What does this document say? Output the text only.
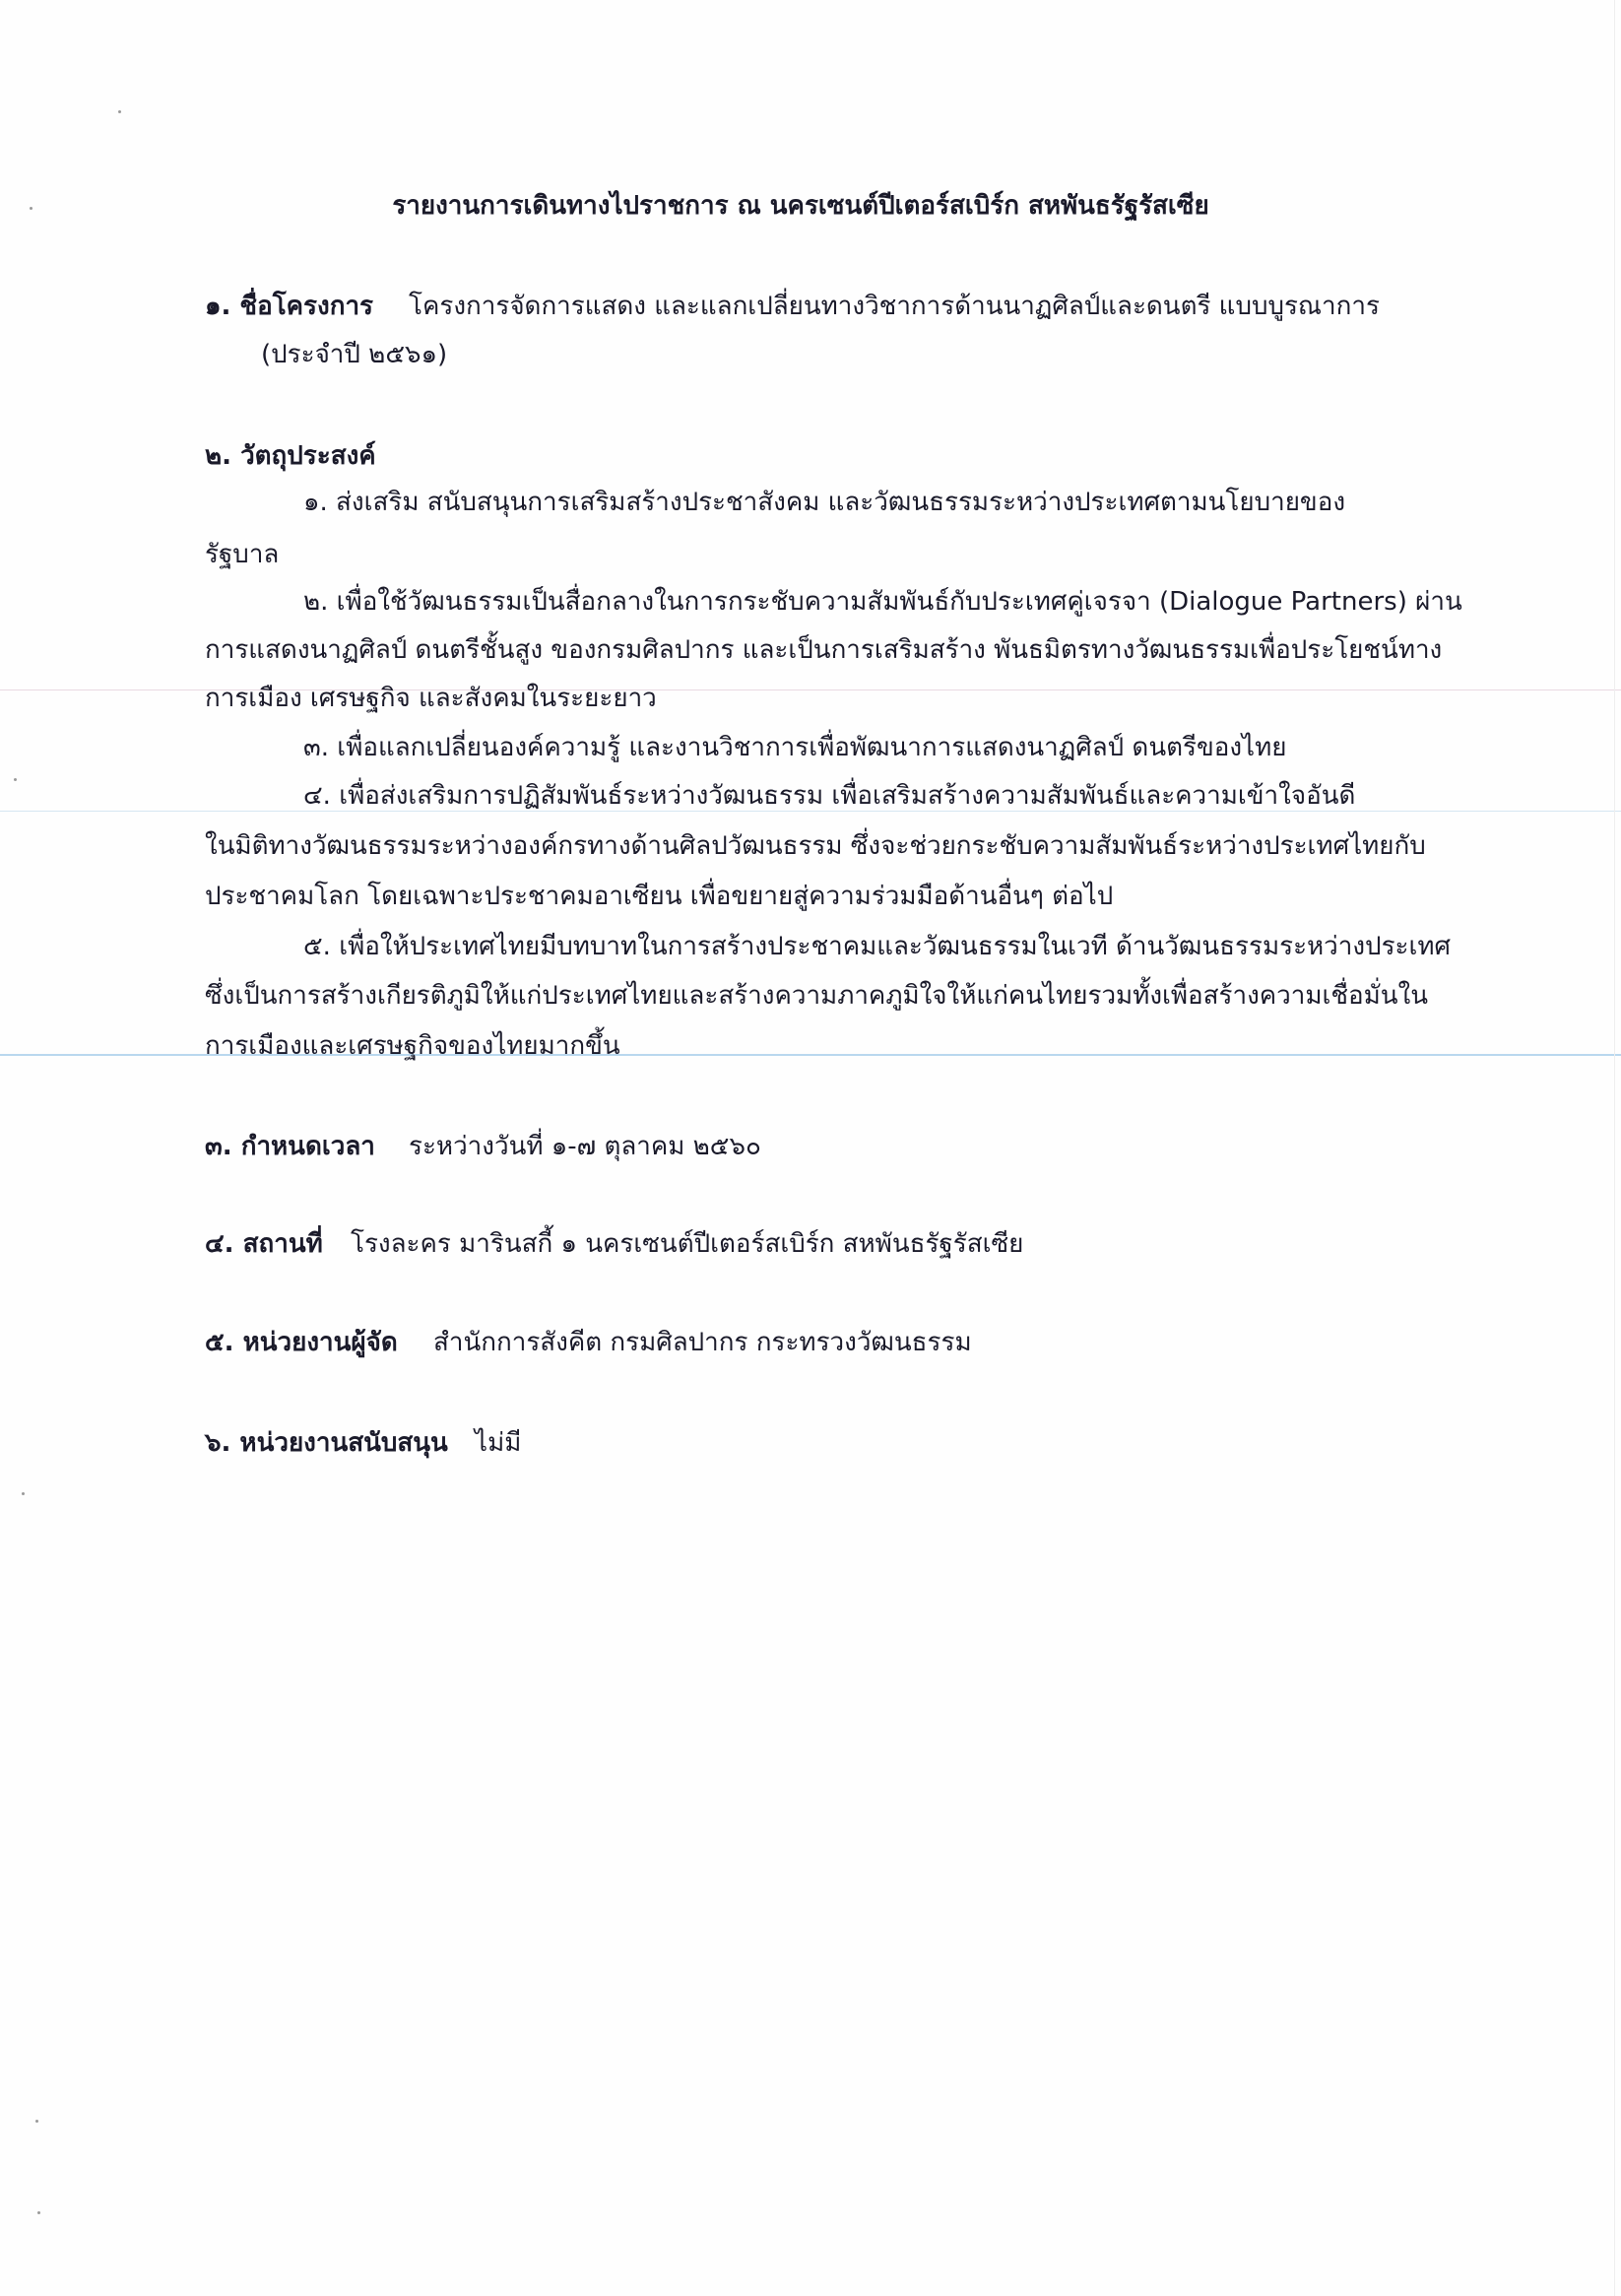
รายงานการเดินทางไปราชการ ณ นครเซนต์ปีเตอร์สเบิร์ก สหพันธรัฐรัสเซีย
๑. ชื่อโครงการ โครงการจัดการแสดง และแลกเปลี่ยนทางวิชาการด้านนาฏศิลป์และดนตรี แบบบูรณาการ
(ประจำปี ๒๕๖๑)
๒. วัตถุประสงค์
๑. ส่งเสริม สนับสนุนการเสริมสร้างประชาสังคม และวัฒนธรรมระหว่างประเทศตามนโยบายของ
รัฐบาล
๒. เพื่อใช้วัฒนธรรมเป็นสื่อกลางในการกระชับความสัมพันธ์กับประเทศคู่เจรจา (Dialogue Partners) ผ่าน
การแสดงนาฏศิลป์ ดนตรีชั้นสูง ของกรมศิลปากร และเป็นการเสริมสร้าง พันธมิตรทางวัฒนธรรมเพื่อประโยชน์ทาง
การเมือง เศรษฐกิจ และสังคมในระยะยาว
๓. เพื่อแลกเปลี่ยนองค์ความรู้ และงานวิชาการเพื่อพัฒนาการแสดงนาฏศิลป์ ดนตรีของไทย
๔. เพื่อส่งเสริมการปฏิสัมพันธ์ระหว่างวัฒนธรรม เพื่อเสริมสร้างความสัมพันธ์และความเข้าใจอันดี
ในมิติทางวัฒนธรรมระหว่างองค์กรทางด้านศิลปวัฒนธรรม ซึ่งจะช่วยกระชับความสัมพันธ์ระหว่างประเทศไทยกับ
ประชาคมโลก โดยเฉพาะประชาคมอาเซียน เพื่อขยายสู่ความร่วมมือด้านอื่นๆ ต่อไป
๕. เพื่อให้ประเทศไทยมีบทบาทในการสร้างประชาคมและวัฒนธรรมในเวที ด้านวัฒนธรรมระหว่างประเทศ
ซึ่งเป็นการสร้างเกียรติภูมิให้แก่ประเทศไทยและสร้างความภาคภูมิใจให้แก่คนไทยรวมทั้งเพื่อสร้างความเชื่อมั่นใน
การเมืองและเศรษฐกิจของไทยมากขึ้น
๓. กำหนดเวลา ระหว่างวันที่ ๑-๗ ตุลาคม ๒๕๖๐
๔. สถานที่ โรงละคร มารินสกี้ ๑ นครเซนต์ปีเตอร์สเบิร์ก สหพันธรัฐรัสเซีย
๕. หน่วยงานผู้จัด สำนักการสังคีต กรมศิลปากร กระทรวงวัฒนธรรม
๖. หน่วยงานสนับสนุน ไม่มี
